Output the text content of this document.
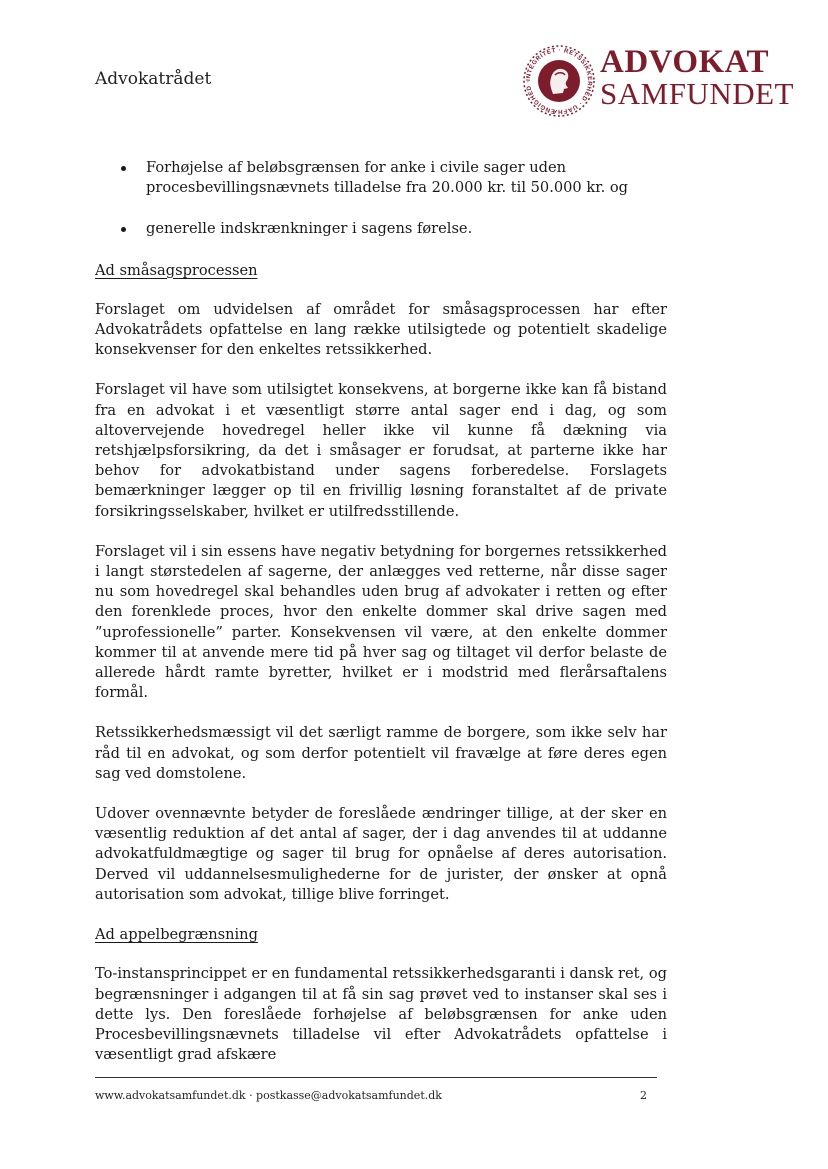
Advokatrådet	INTEGRITET · RETSSIKKERHED · UAFHÆNGIGHED ·
ADVOKAT
SAMFUNDET
Forhøjelse af beløbsgrænsen for anke i civile sager uden procesbevillingsnævnets tilladelse fra 20.000 kr. til 50.000 kr. og
generelle indskrænkninger i sagens førelse.
Ad småsagsprocessen

Forslaget om udvidelsen af området for småsagsprocessen har efter Advokatrådets opfattelse en lang række utilsigtede og potentielt skadelige konsekvenser for den enkeltes retssikkerhed.

Forslaget vil have som utilsigtet konsekvens, at borgerne ikke kan få bistand fra en advokat i et væsentligt større antal sager end i dag, og som altovervejende hovedregel heller ikke vil kunne få dækning via retshjælpsforsikring, da det i småsager er forudsat, at parterne ikke har behov for advokatbistand under sagens forberedelse. Forslagets bemærkninger lægger op til en frivillig løsning foranstaltet af de private forsikringsselskaber, hvilket er utilfredsstillende.

Forslaget vil i sin essens have negativ betydning for borgernes retssikkerhed i langt størstedelen af sagerne, der anlægges ved retterne, når disse sager nu som hovedregel skal behandles uden brug af advokater i retten og efter den forenklede proces, hvor den enkelte dommer skal drive sagen med ”uprofessionelle” parter. Konsekvensen vil være, at den enkelte dommer kommer til at anvende mere tid på hver sag og tiltaget vil derfor belaste de allerede hårdt ramte byretter, hvilket er i modstrid med flerårsaftalens formål.

Retssikkerhedsmæssigt vil det særligt ramme de borgere, som ikke selv har råd til en advokat, og som derfor potentielt vil fravælge at føre deres egen sag ved domstolene.

Udover ovennævnte betyder de foreslåede ændringer tillige, at der sker en væsentlig reduktion af det antal af sager, der i dag anvendes til at uddanne advokatfuldmægtige og sager til brug for opnåelse af deres autorisation. Derved vil uddannelsesmulighederne for de jurister, der ønsker at opnå autorisation som advokat, tillige blive forringet.

Ad appelbegrænsning

To-instansprincippet er en fundamental retssikkerhedsgaranti i dansk ret, og begrænsninger i adgangen til at få sin sag prøvet ved to instanser skal ses i dette lys. Den foreslåede forhøjelse af beløbsgrænsen for anke uden Procesbevillingsnævnets tilladelse vil efter Advokatrådets opfattelse i væsentligt grad afskære

www.advokatsamfundet.dk · postkasse@advokatsamfundet.dk	2
